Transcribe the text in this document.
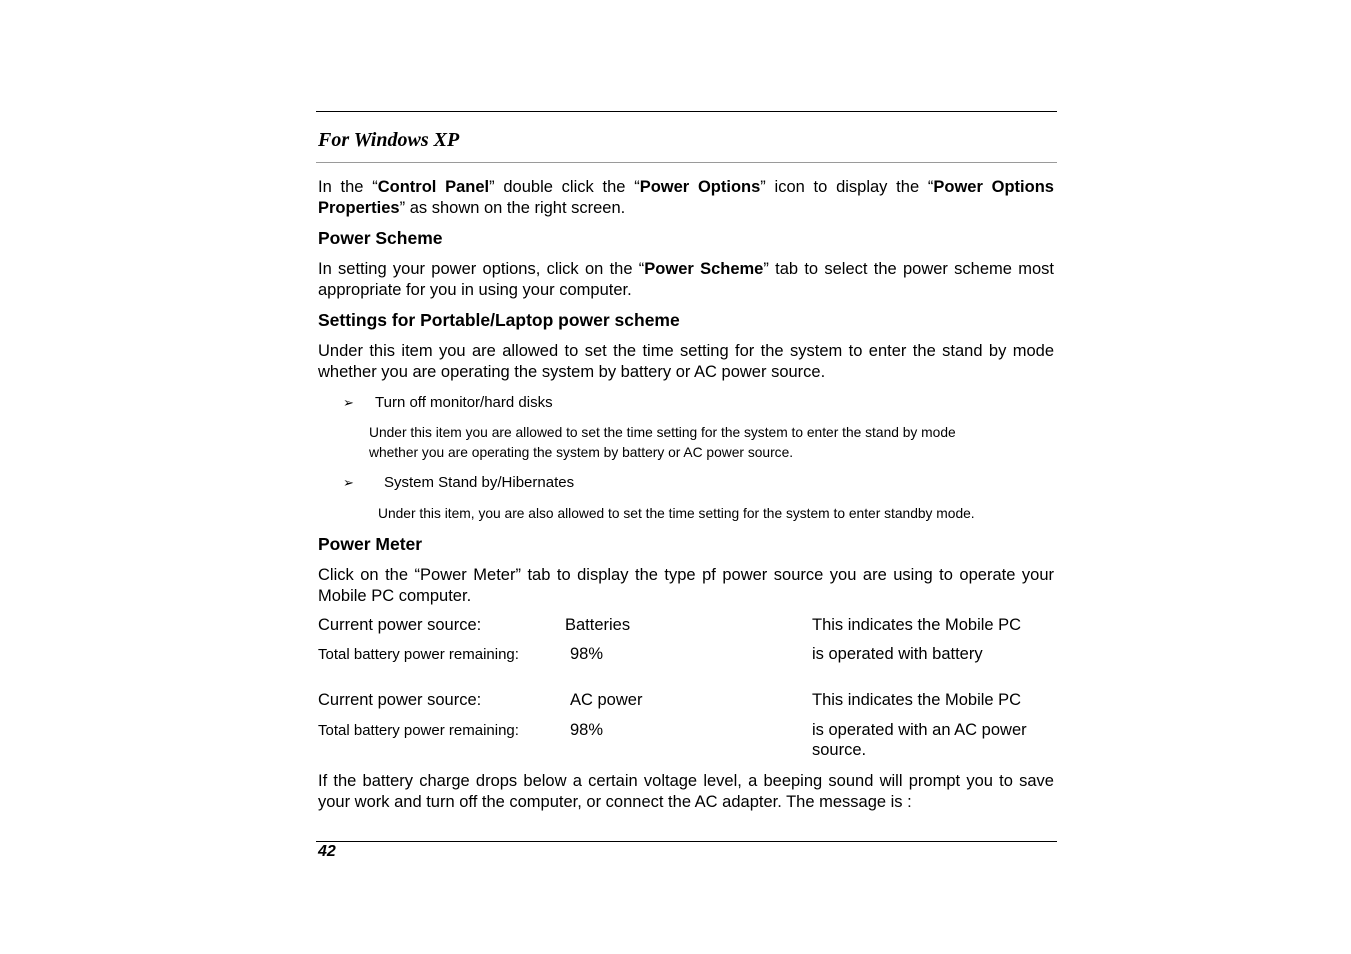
For Windows XP
In the “Control Panel” double click the “Power Options” icon to display the “Power Options Properties” as shown on the right screen.
Power Scheme
In setting your power options, click on the “Power Scheme” tab to select the power scheme most appropriate for you in using your computer.
Settings for Portable/Laptop power scheme
Under this item you are allowed to set the time setting for the system to enter the stand by mode whether you are operating the system by battery or AC power source.
➢ Turn off monitor/hard disks
Under this item you are allowed to set the time setting for the system to enter the stand by mode
whether you are operating the system by battery or AC power source.
➢ System Stand by/Hibernates
Under this item, you are also allowed to set the time setting for the system to enter standby mode.
Power Meter
Click on the “Power Meter” tab to display the type pf power source you are using to operate your Mobile PC computer.
Current power source:	Batteries	This indicates the Mobile PC
Total battery power remaining:	98%	is operated with battery
Current power source:	AC power	This indicates the Mobile PC
Total battery power remaining:	98%	is operated with an AC power
source.
If the battery charge drops below a certain voltage level, a beeping sound will prompt you to save your work and turn off the computer, or connect the AC adapter. The message is :
42
